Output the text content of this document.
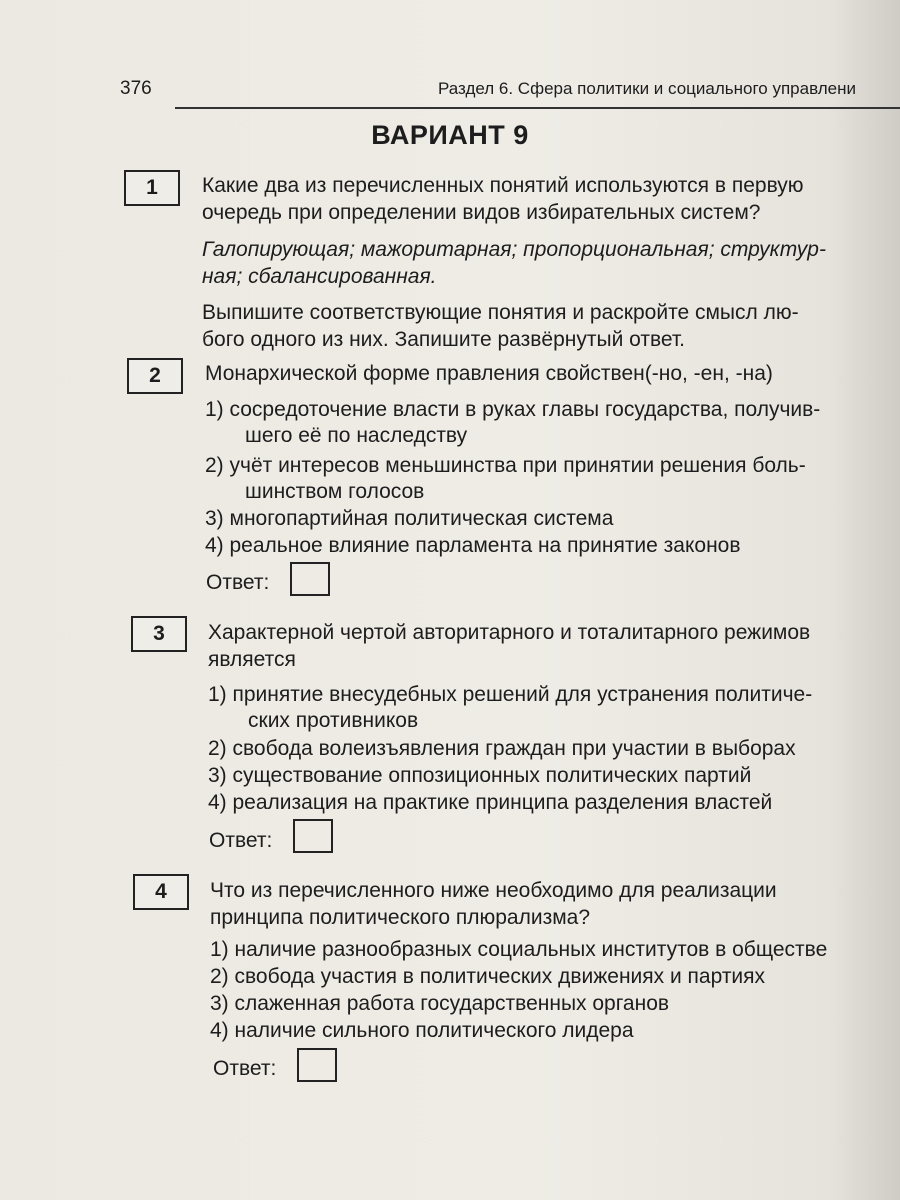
376	Раздел 6. Сфера политики и социального управлени
ВАРИАНТ 9
1	Какие два из перечисленных понятий используются в первую
очередь при определении видов избирательных систем?
Галопирующая; мажоритарная; пропорциональная; структур-
ная; сбалансированная.
Выпишите соответствующие понятия и раскройте смысл лю-
бого одного из них. Запишите развёрнутый ответ.
2	Монархической форме правления свойствен(-но, -ен, -на)
1) сосредоточение власти в руках главы государства, получив-
шего её по наследству
2) учёт интересов меньшинства при принятии решения боль-
шинством голосов
3) многопартийная политическая система
4) реальное влияние парламента на принятие законов
Ответ:
3	Характерной чертой авторитарного и тоталитарного режимов
является
1) принятие внесудебных решений для устранения политиче-
ских противников
2) свобода волеизъявления граждан при участии в выборах
3) существование оппозиционных политических партий
4) реализация на практике принципа разделения властей
Ответ:
4	Что из перечисленного ниже необходимо для реализации
принципа политического плюрализма?
1) наличие разнообразных социальных институтов в обществе
2) свобода участия в политических движениях и партиях
3) слаженная работа государственных органов
4) наличие сильного политического лидера
Ответ:
